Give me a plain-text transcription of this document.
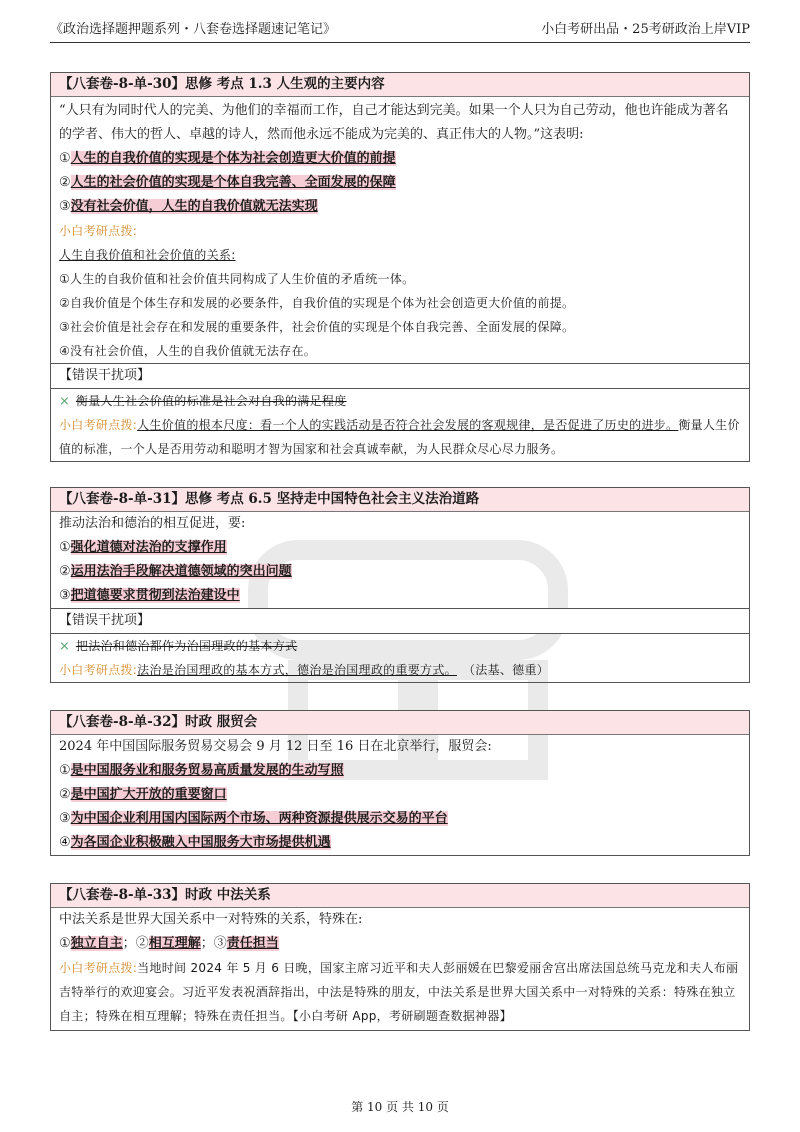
《政治选择题押题系列・八套卷选择题速记笔记》	小白考研出品・25考研政治上岸VIP
【八套卷-8-单-30】思修 考点 1.3 人生观的主要内容
“人只有为同时代人的完美、为他们的幸福而工作，自己才能达到完美。如果一个人只为自己劳动，他也许能成为著名的学者、伟大的哲人、卓越的诗人，然而他永远不能成为完美的、真正伟大的人物。”这表明:
①人生的自我价值的实现是个体为社会创造更大价值的前提
②人生的社会价值的实现是个体自我完善、全面发展的保障
③没有社会价值，人生的自我价值就无法实现
小白考研点拨:
人生自我价值和社会价值的关系:
①人生的自我价值和社会价值共同构成了人生价值的矛盾统一体。
②自我价值是个体生存和发展的必要条件，自我价值的实现是个体为社会创造更大价值的前提。
③社会价值是社会存在和发展的重要条件，社会价值的实现是个体自我完善、全面发展的保障。
④没有社会价值，人生的自我价值就无法存在。
【错误干扰项】
× 衡量人生社会价值的标准是社会对自我的满足程度
小白考研点拨:人生价值的根本尺度：看一个人的实践活动是否符合社会发展的客观规律，是否促进了历史的进步。衡量人生价值的标准，一个人是否用劳动和聪明才智为国家和社会真诚奉献，为人民群众尽心尽力服务。
【八套卷-8-单-31】思修 考点 6.5 坚持走中国特色社会主义法治道路
推动法治和德治的相互促进，要:
①强化道德对法治的支撑作用
②运用法治手段解决道德领域的突出问题
③把道德要求贯彻到法治建设中
【错误干扰项】
× 把法治和德治都作为治国理政的基本方式
小白考研点拨:法治是治国理政的基本方式，德治是治国理政的重要方式。 （法基、德重）
【八套卷-8-单-32】时政 服贸会
2024 年中国国际服务贸易交易会 9 月 12 日至 16 日在北京举行，服贸会:
①是中国服务业和服务贸易高质量发展的生动写照
②是中国扩大开放的重要窗口
③为中国企业利用国内国际两个市场、两种资源提供展示交易的平台
④为各国企业积极融入中国服务大市场提供机遇
【八套卷-8-单-33】时政 中法关系
中法关系是世界大国关系中一对特殊的关系，特殊在:
①独立自主；②相互理解；③责任担当
小白考研点拨:当地时间 2024 年 5 月 6 日晚，国家主席习近平和夫人彭丽媛在巴黎爱丽舍宫出席法国总统马克龙和夫人布丽吉特举行的欢迎宴会。习近平发表祝酒辞指出，中法是特殊的朋友，中法关系是世界大国关系中一对特殊的关系：特殊在独立自主；特殊在相互理解；特殊在责任担当。【小白考研 App，考研刷题查数据神器】
第 10 页 共 10 页
